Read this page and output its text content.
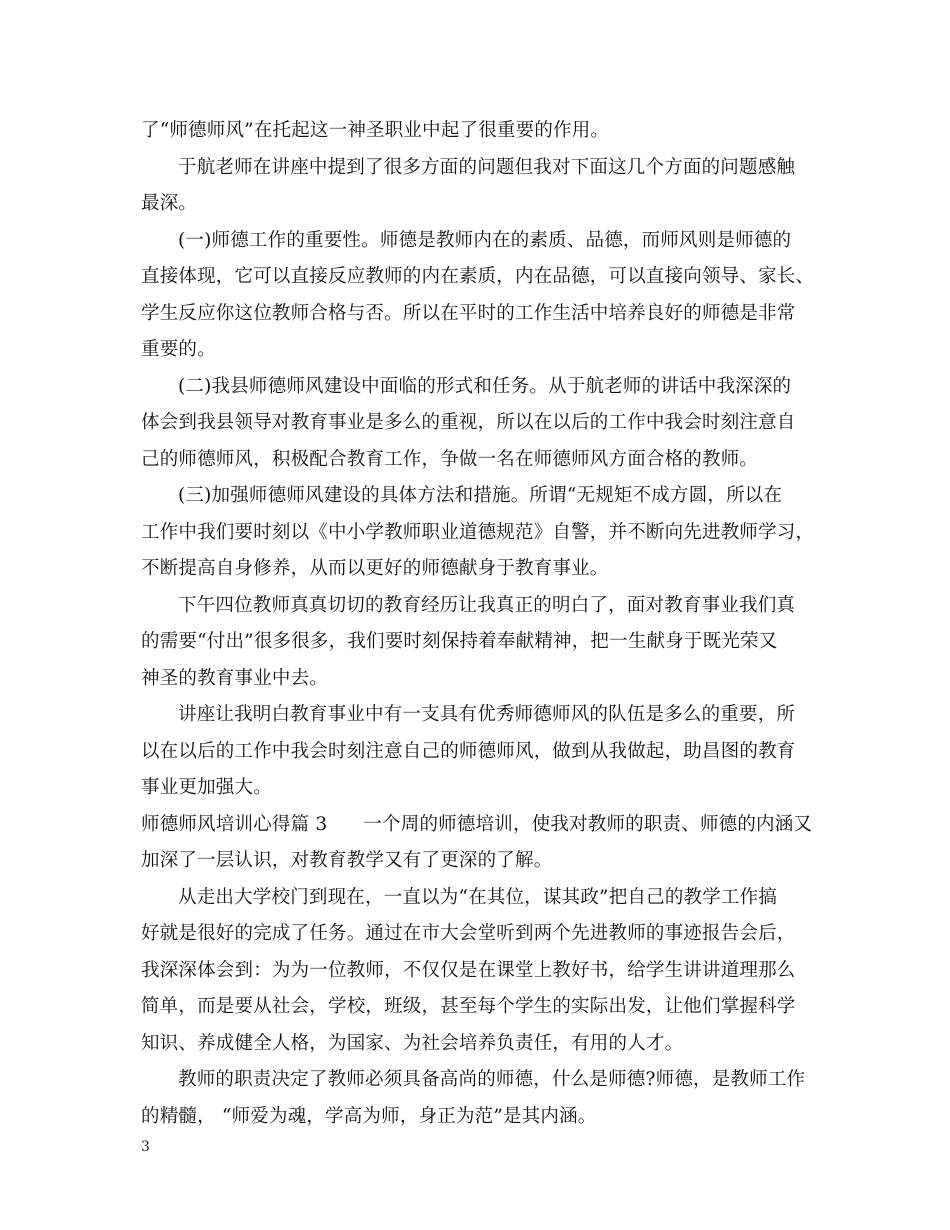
了“师德师风”在托起这一神圣职业中起了很重要的作用。
于航老师在讲座中提到了很多方面的问题但我对下面这几个方面的问题感触
最深。
(一)师德工作的重要性。师德是教师内在的素质、品德，而师风则是师德的
直接体现，它可以直接反应教师的内在素质，内在品德，可以直接向领导、家长、
学生反应你这位教师合格与否。所以在平时的工作生活中培养良好的师德是非常
重要的。
(二)我县师德师风建设中面临的形式和任务。从于航老师的讲话中我深深的
体会到我县领导对教育事业是多么的重视，所以在以后的工作中我会时刻注意自
己的师德师风，积极配合教育工作，争做一名在师德师风方面合格的教师。
(三)加强师德师风建设的具体方法和措施。所谓“无规矩不成方圆，所以在
工作中我们要时刻以《中小学教师职业道德规范》自警，并不断向先进教师学习，
不断提高自身修养，从而以更好的师德献身于教育事业。
下午四位教师真真切切的教育经历让我真正的明白了，面对教育事业我们真
的需要“付出”很多很多，我们要时刻保持着奉献精神，把一生献身于既光荣又
神圣的教育事业中去。
讲座让我明白教育事业中有一支具有优秀师德师风的队伍是多么的重要，所
以在以后的工作中我会时刻注意自己的师德师风，做到从我做起，助昌图的教育
事业更加强大。
师德师风培训心得篇 3 一个周的师德培训，使我对教师的职责、师德的内涵又
加深了一层认识，对教育教学又有了更深的了解。
从走出大学校门到现在，一直以为“在其位，谋其政”把自己的教学工作搞
好就是很好的完成了任务。通过在市大会堂听到两个先进教师的事迹报告会后，
我深深体会到：为为一位教师，不仅仅是在课堂上教好书，给学生讲讲道理那么
简单，而是要从社会，学校，班级，甚至每个学生的实际出发，让他们掌握科学
知识、养成健全人格，为国家、为社会培养负责任，有用的人才。
教师的职责决定了教师必须具备高尚的师德，什么是师德?师德，是教师工作
的精髓， “师爱为魂，学高为师，身正为范”是其内涵。
3
